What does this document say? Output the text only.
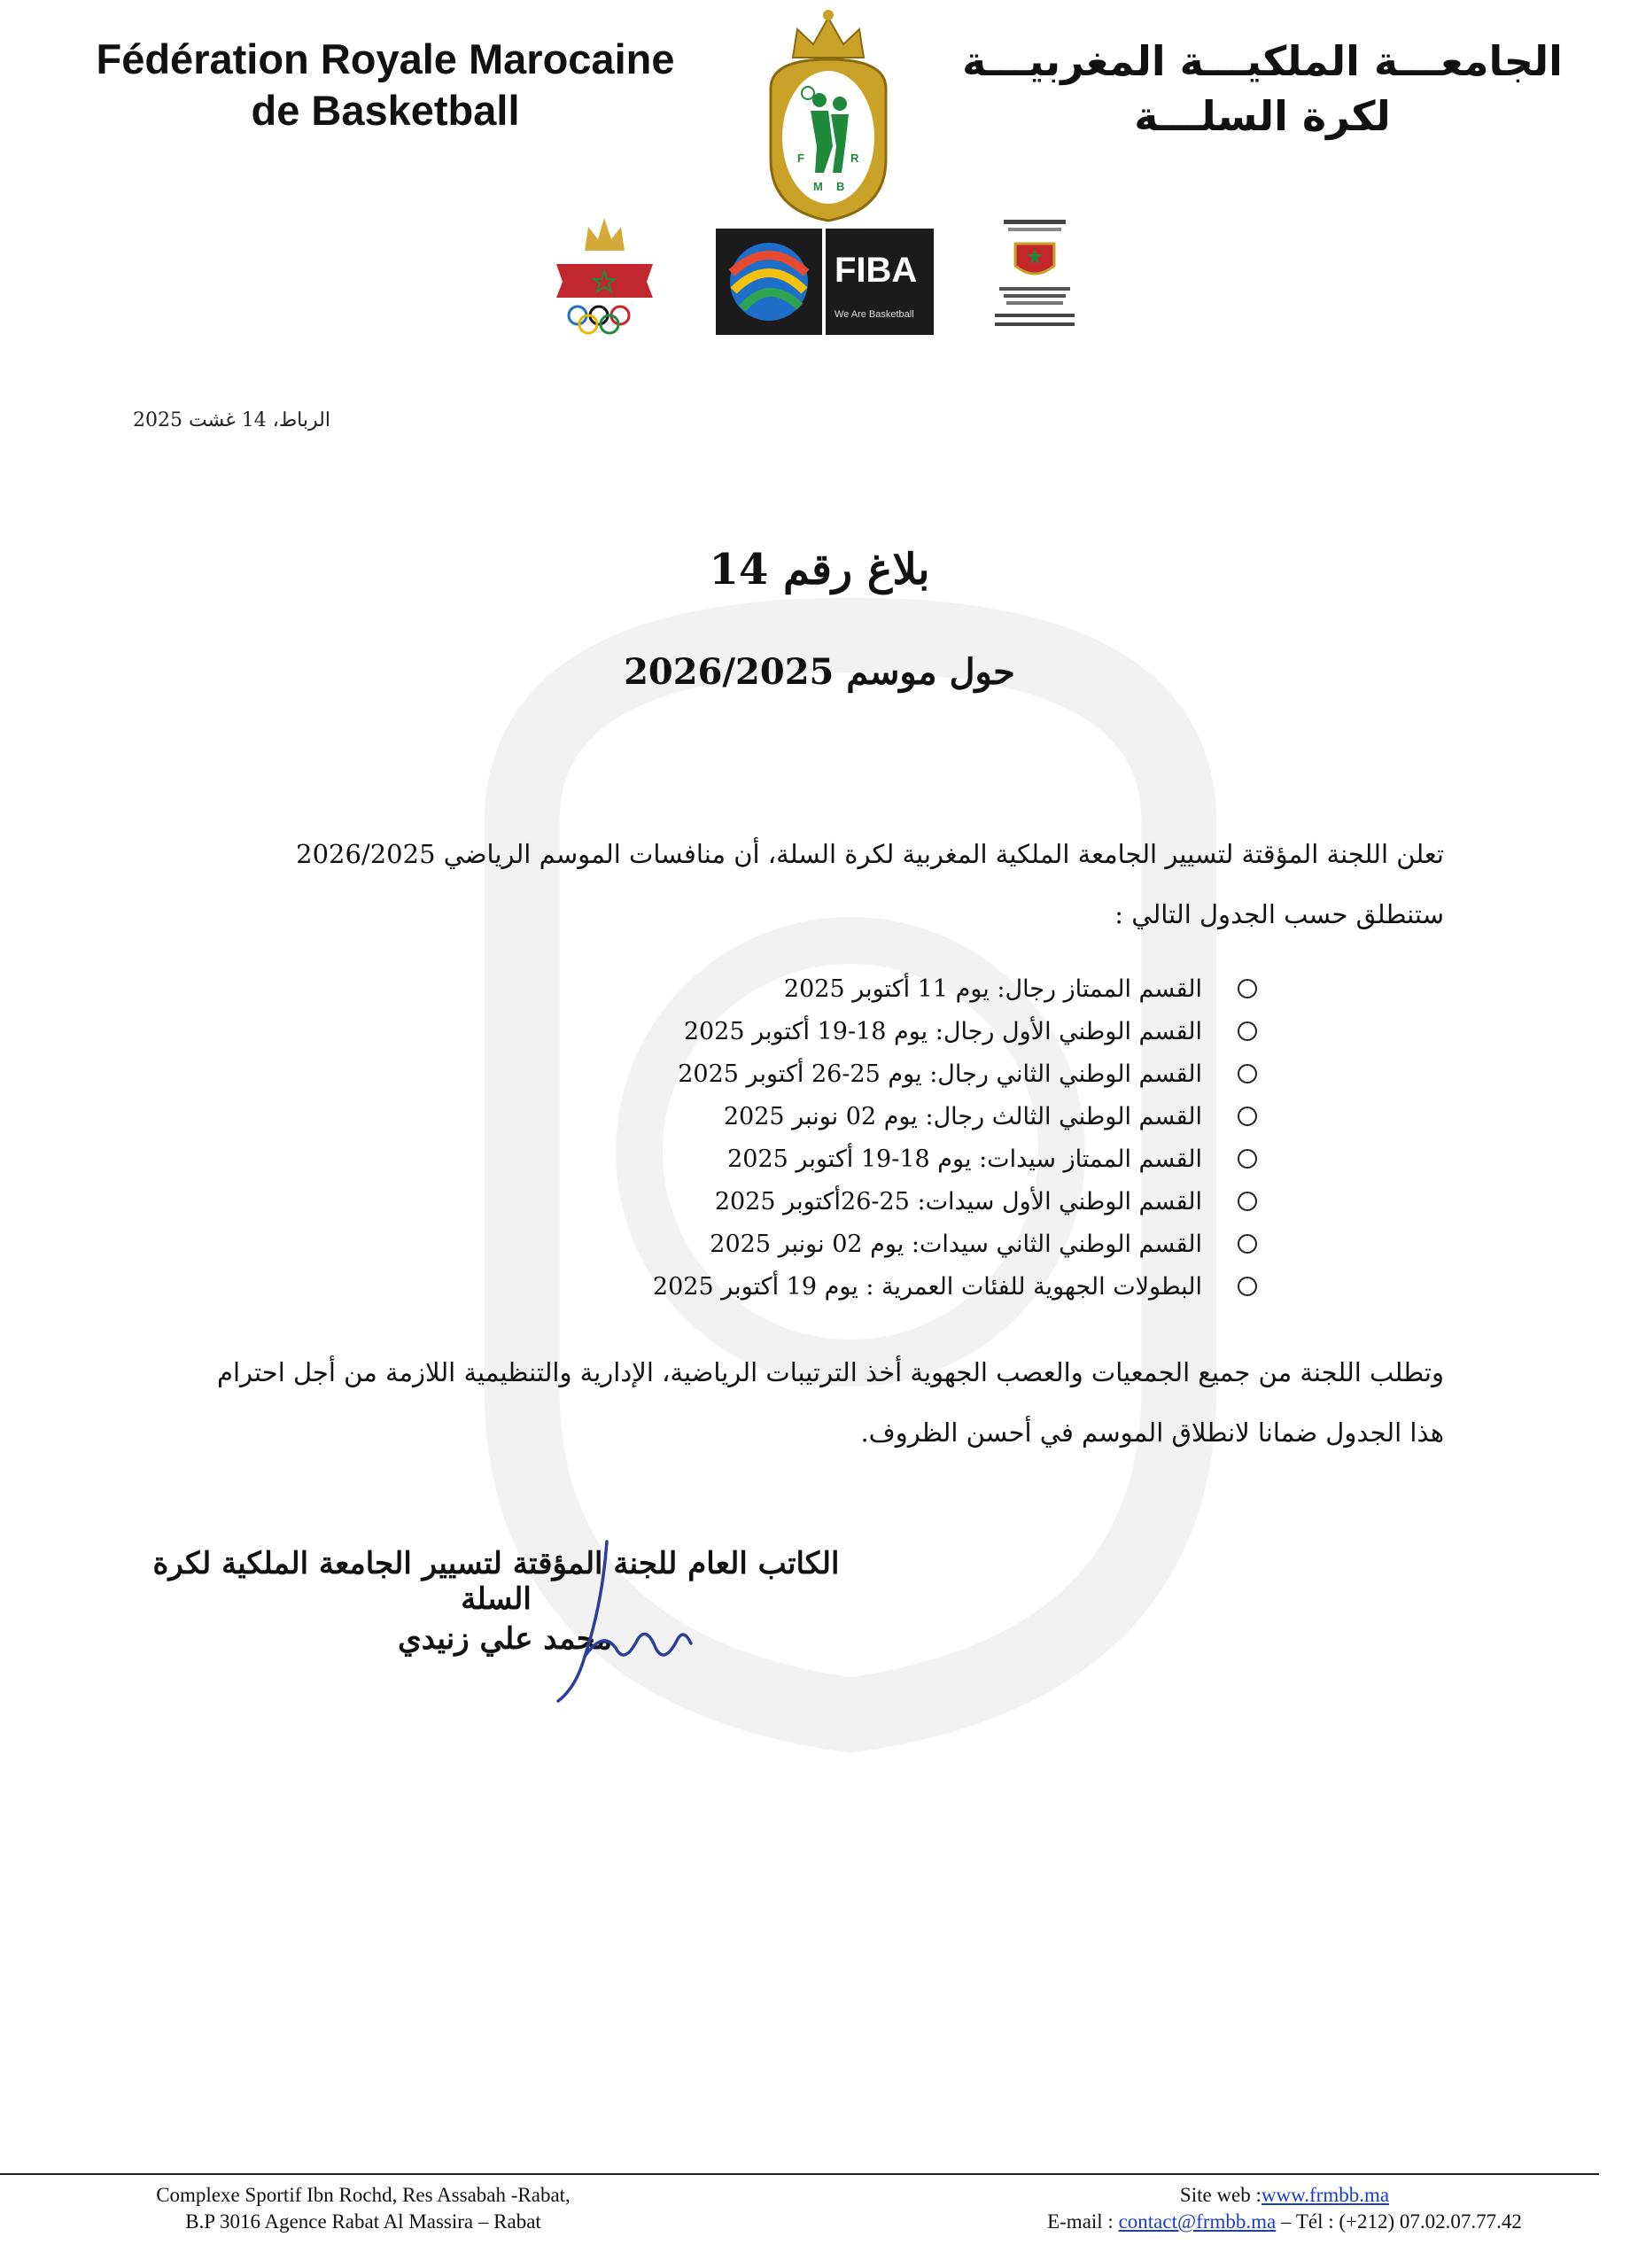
Fédération Royale Marocaine
de Basketball
الجامعـــة الملكيـــة المغربيـــة
لكرة السلـــة
F	R
M B
FIBA
We Are Basketball
الرباط، 14 غشت 2025
بلاغ رقم 14
حول موسم 2026/2025
تعلن اللجنة المؤقتة لتسيير الجامعة الملكية المغربية لكرة السلة، أن منافسات الموسم الرياضي 2026/2025 ستنطلق حسب الجدول التالي :
القسم الممتاز رجال: يوم 11 أكتوبر 2025
القسم الوطني الأول رجال: يوم 18-19 أكتوبر 2025
القسم الوطني الثاني رجال: يوم 25-26 أكتوبر 2025
القسم الوطني الثالث رجال: يوم 02 نونبر 2025
القسم الممتاز سيدات: يوم 18-19 أكتوبر 2025
القسم الوطني الأول سيدات: 25-26أكتوبر 2025
القسم الوطني الثاني سيدات: يوم 02 نونبر 2025
البطولات الجهوية للفئات العمرية : يوم 19 أكتوبر 2025
وتطلب اللجنة من جميع الجمعيات والعصب الجهوية أخذ الترتيبات الرياضية، الإدارية والتنظيمية اللازمة من أجل احترام هذا الجدول ضمانا لانطلاق الموسم في أحسن الظروف.
الكاتب العام للجنة المؤقتة لتسيير الجامعة الملكية لكرة السلة
محمد علي زنيدي
Complexe Sportif Ibn Rochd, Res Assabah -Rabat,
B.P 3016 Agence Rabat Al Massira – Rabat
Site web :www.frmbb.ma
E-mail : contact@frmbb.ma – Tél : (+212) 07.02.07.77.42
